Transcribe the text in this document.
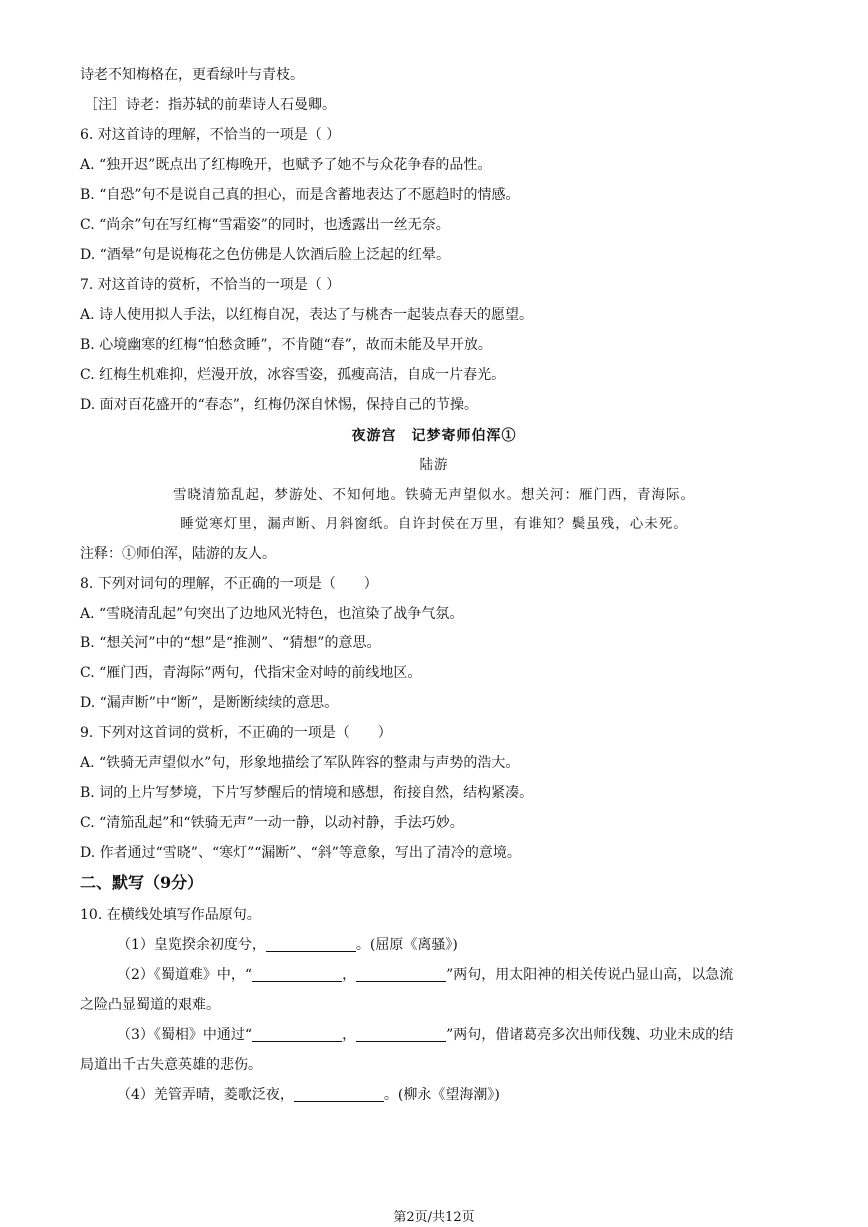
诗老不知梅格在，更看绿叶与青枝。
［注］诗老：指苏轼的前辈诗人石曼卿。
6. 对这首诗的理解，不恰当的一项是（ ）
A. “独开迟”既点出了红梅晚开，也赋予了她不与众花争春的品性。
B. “自恐”句不是说自己真的担心，而是含蓄地表达了不愿趋时的情感。
C. “尚余”句在写红梅“雪霜姿”的同时，也透露出一丝无奈。
D. “酒晕”句是说梅花之色仿佛是人饮酒后脸上泛起的红晕。
7. 对这首诗的赏析，不恰当的一项是（ ）
A. 诗人使用拟人手法，以红梅自况，表达了与桃杏一起装点春天的愿望。
B. 心境幽寒的红梅“怕愁贪睡”，不肯随“春”，故而未能及早开放。
C. 红梅生机难抑，烂漫开放，冰容雪姿，孤瘦高洁，自成一片春光。
D. 面对百花盛开的“春态”，红梅仍深自怵惕，保持自己的节操。
夜游宫　记梦寄师伯浑①
陆游
雪晓清笳乱起，梦游处、不知何地。铁骑无声望似水。想关河：雁门西，青海际。
睡觉寒灯里，漏声断、月斜窗纸。自许封侯在万里，有谁知？鬓虽残，心未死。
注释：①师伯浑，陆游的友人。
8. 下列对词句的理解，不正确的一项是（　　）
A. “雪晓清乱起”句突出了边地风光特色，也渲染了战争气氛。
B. “想关河”中的“想”是“推测”、“猜想”的意思。
C. “雁门西，青海际”两句，代指宋金对峙的前线地区。
D. “漏声断”中“断”，是断断续续的意思。
9. 下列对这首词的赏析，不正确的一项是（　　）
A. “铁骑无声望似水”句，形象地描绘了军队阵容的整肃与声势的浩大。
B. 词的上片写梦境，下片写梦醒后的情境和感想，衔接自然，结构紧凑。
C. “清笳乱起”和“铁骑无声”一动一静，以动衬静，手法巧妙。
D. 作者通过“雪晓”、“寒灯”“漏断”、“斜”等意象，写出了清冷的意境。
二、默写（9分）
10. 在横线处填写作品原句。
（1）皇览揆余初度兮，	。(屈原《离骚》)
（2）《蜀道难》中，“	，	”两句，用太阳神的相关传说凸显山高，以急流
之险凸显蜀道的艰难。
（3）《蜀相》中通过“	，	”两句，借诸葛亮多次出师伐魏、功业未成的结
局道出千古失意英雄的悲伤。
（4）羌管弄晴，菱歌泛夜，	。(柳永《望海潮》)
第2页/共12页
